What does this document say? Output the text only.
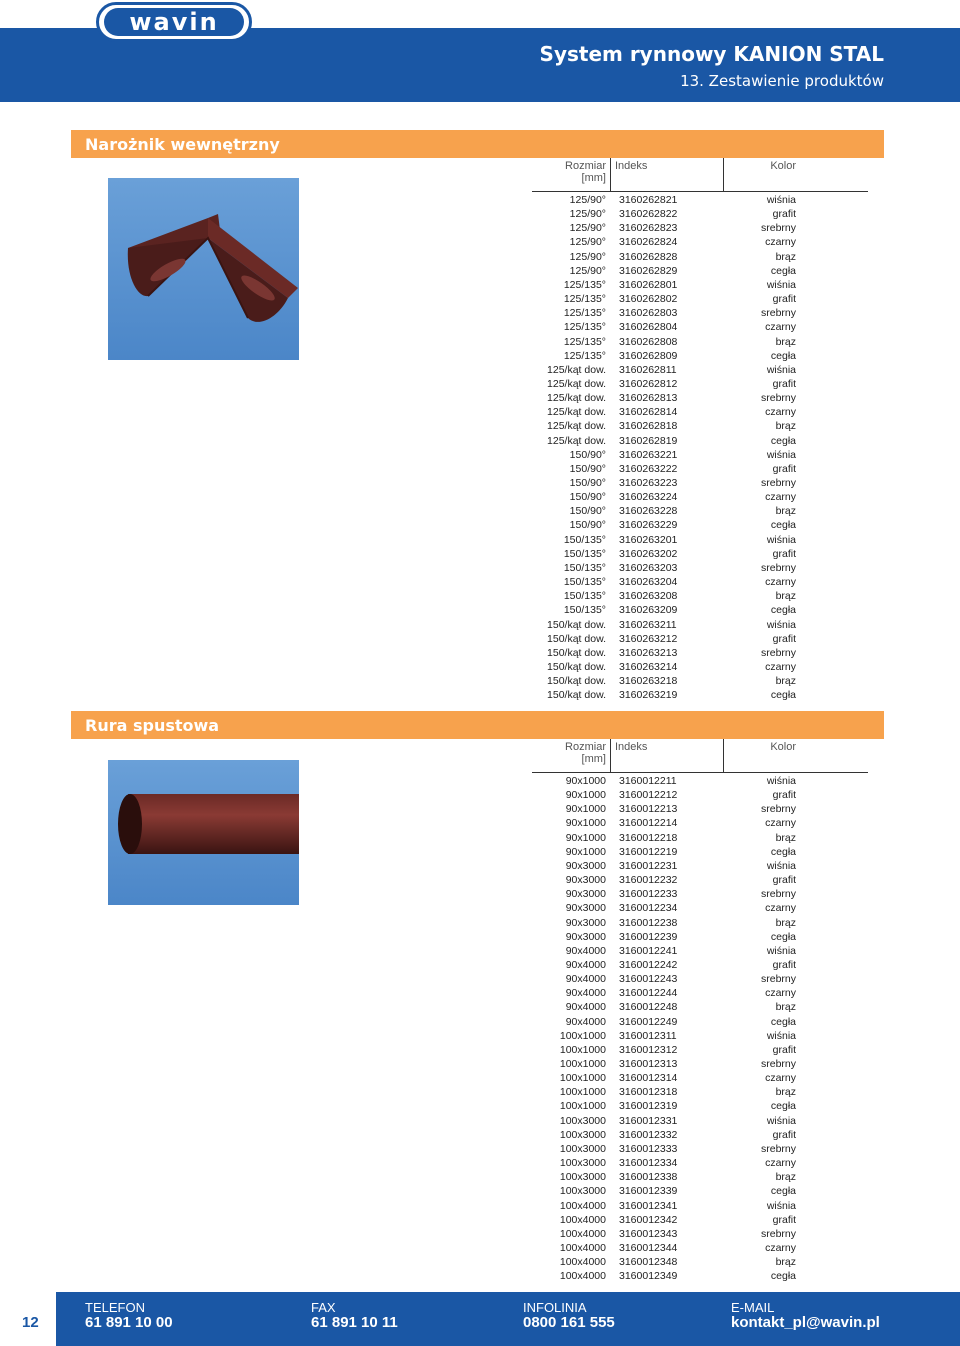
wavin
System rynnowy KANION STAL
13. Zestawienie produktów
Narożnik wewnętrzny
Rozmiar
[mm]
Indeks	Kolor
125/90° 3160262821	wiśnia
125/90° 3160262822	grafit
125/90° 3160262823	srebrny
125/90° 3160262824	czarny
125/90° 3160262828	brąz
125/90° 3160262829	cegła
125/135° 3160262801	wiśnia
125/135° 3160262802	grafit
125/135° 3160262803	srebrny
125/135° 3160262804	czarny
125/135° 3160262808	brąz
125/135° 3160262809	cegła
125/kąt dow. 3160262811	wiśnia
125/kąt dow. 3160262812	grafit
125/kąt dow. 3160262813	srebrny
125/kąt dow. 3160262814	czarny
125/kąt dow. 3160262818	brąz
125/kąt dow. 3160262819	cegła
150/90° 3160263221	wiśnia
150/90° 3160263222	grafit
150/90° 3160263223	srebrny
150/90° 3160263224	czarny
150/90° 3160263228	brąz
150/90° 3160263229	cegła
150/135° 3160263201	wiśnia
150/135° 3160263202	grafit
150/135° 3160263203	srebrny
150/135° 3160263204	czarny
150/135° 3160263208	brąz
150/135° 3160263209	cegła
150/kąt dow. 3160263211	wiśnia
150/kąt dow. 3160263212	grafit
150/kąt dow. 3160263213	srebrny
150/kąt dow. 3160263214	czarny
150/kąt dow. 3160263218	brąz
150/kąt dow. 3160263219	cegła
Rura spustowa
Rozmiar
[mm]
Indeks	Kolor
90x1000 3160012211	wiśnia
90x1000 3160012212	grafit
90x1000 3160012213	srebrny
90x1000 3160012214	czarny
90x1000 3160012218	brąz
90x1000 3160012219	cegła
90x3000 3160012231	wiśnia
90x3000 3160012232	grafit
90x3000 3160012233	srebrny
90x3000 3160012234	czarny
90x3000 3160012238	brąz
90x3000 3160012239	cegła
90x4000 3160012241	wiśnia
90x4000 3160012242	grafit
90x4000 3160012243	srebrny
90x4000 3160012244	czarny
90x4000 3160012248	brąz
90x4000 3160012249	cegła
100x1000 3160012311	wiśnia
100x1000 3160012312	grafit
100x1000 3160012313	srebrny
100x1000 3160012314	czarny
100x1000 3160012318	brąz
100x1000 3160012319	cegła
100x3000 3160012331	wiśnia
100x3000 3160012332	grafit
100x3000 3160012333	srebrny
100x3000 3160012334	czarny
100x3000 3160012338	brąz
100x3000 3160012339	cegła
100x4000 3160012341	wiśnia
100x4000 3160012342	grafit
100x4000 3160012343	srebrny
100x4000 3160012344	czarny
100x4000 3160012348	brąz
100x4000 3160012349	cegła
12
TELEFON
61 891 10 00
FAX
61 891 10 11
INFOLINIA
0800 161 555
E-MAIL
kontakt_pl@wavin.pl
